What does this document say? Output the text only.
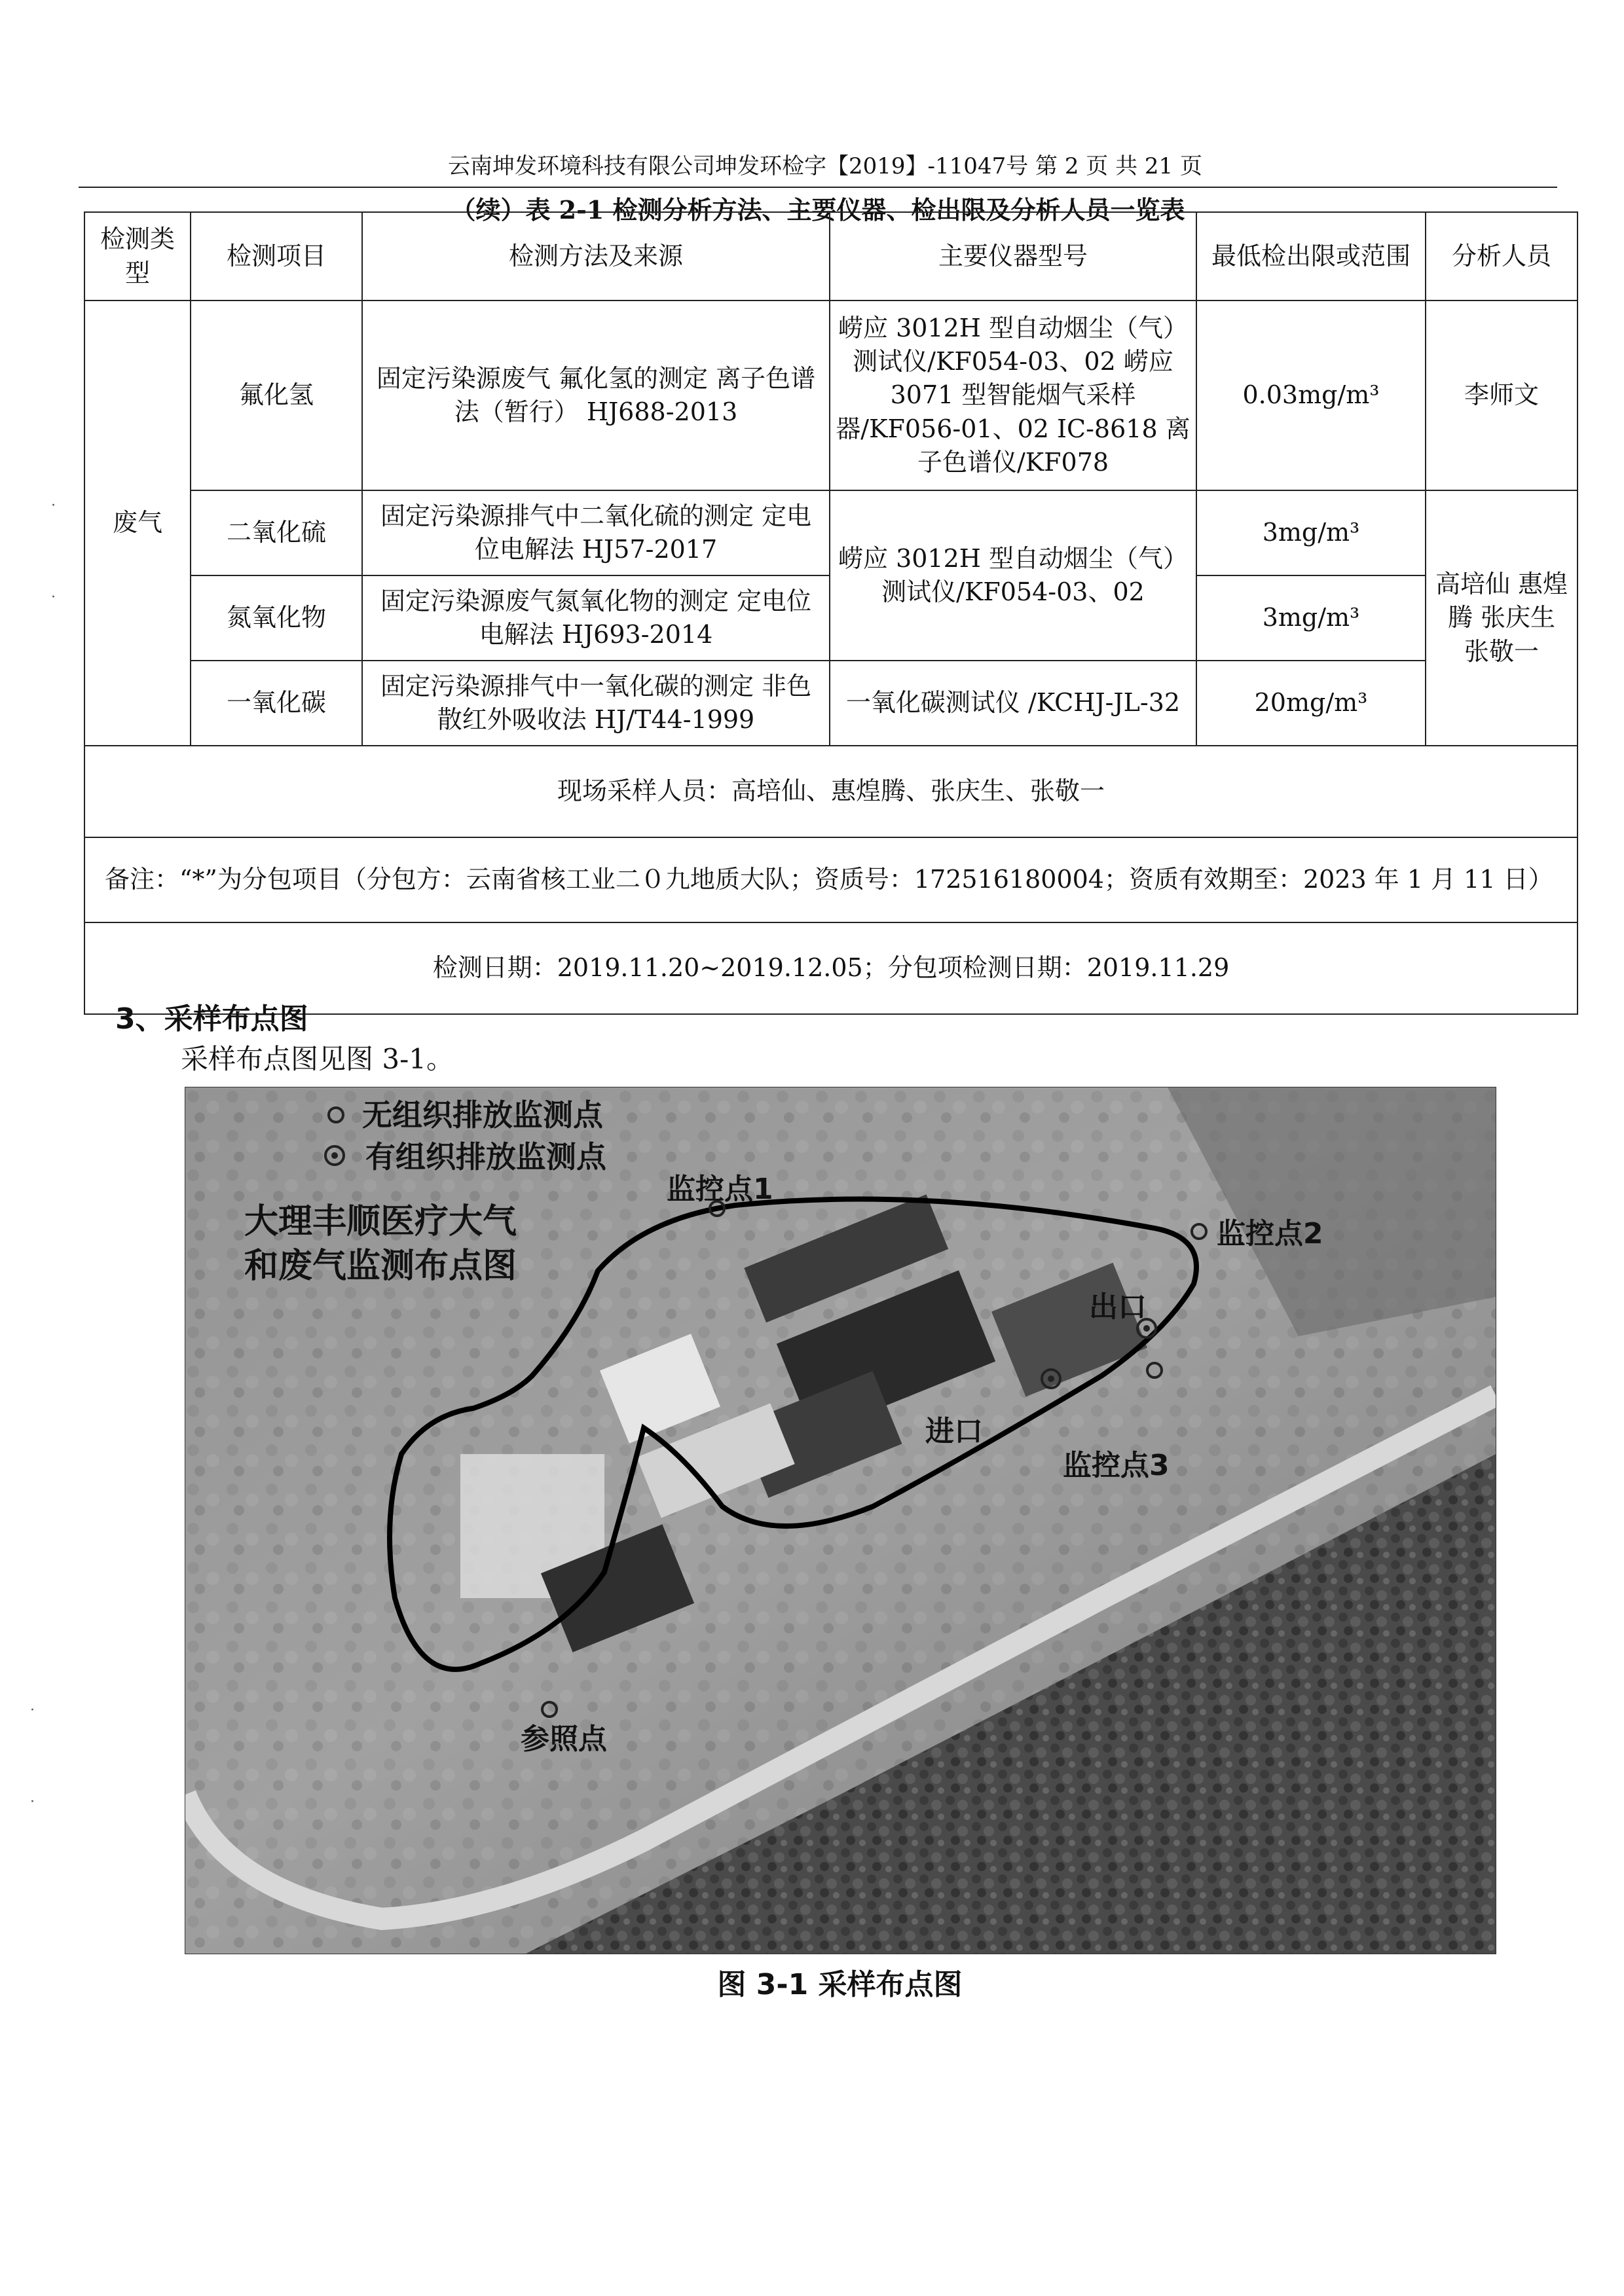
云南坤发环境科技有限公司坤发环检字【2019】-11047号 第 2 页 共 21 页
（续）表 2-1 检测分析方法、主要仪器、检出限及分析人员一览表
检测类型	检测项目	检测方法及来源	主要仪器型号	最低检出限或范围	分析人员
废气	氟化氢	固定污染源废气 氟化氢的测定 离子色谱法（暂行） HJ688-2013	崂应 3012H 型自动烟尘（气）测试仪/KF054-03、02 崂应 3071 型智能烟气采样器/KF056-01、02 IC-8618 离子色谱仪/KF078	0.03mg/m³	李师文
	二氧化硫	固定污染源排气中二氧化硫的测定 定电位电解法 HJ57-2017	崂应 3012H 型自动烟尘（气）测试仪/KF054-03、02	3mg/m³	高培仙 惠煌腾 张庆生 张敬一
	氮氧化物	固定污染源废气氮氧化物的测定 定电位电解法 HJ693-2014		3mg/m³	
	一氧化碳	固定污染源排气中一氧化碳的测定 非色散红外吸收法 HJ/T44-1999	一氧化碳测试仪 /KCHJ-JL-32	20mg/m³	
现场采样人员：高培仙、惠煌腾、张庆生、张敬一					
备注：“*”为分包项目（分包方：云南省核工业二０九地质大队；资质号：172516180004；资质有效期至：2023 年 1 月 11 日）					
检测日期：2019.11.20~2019.12.05；分包项检测日期：2019.11.29					
3、采样布点图
采样布点图见图 3-1。
无组织排放监测点
有组织排放监测点
大理丰顺医疗大气
和废气监测布点图
监控点1
监控点2
出口
进口
监控点3
参照点
图 3-1 采样布点图
·
·
·
·
